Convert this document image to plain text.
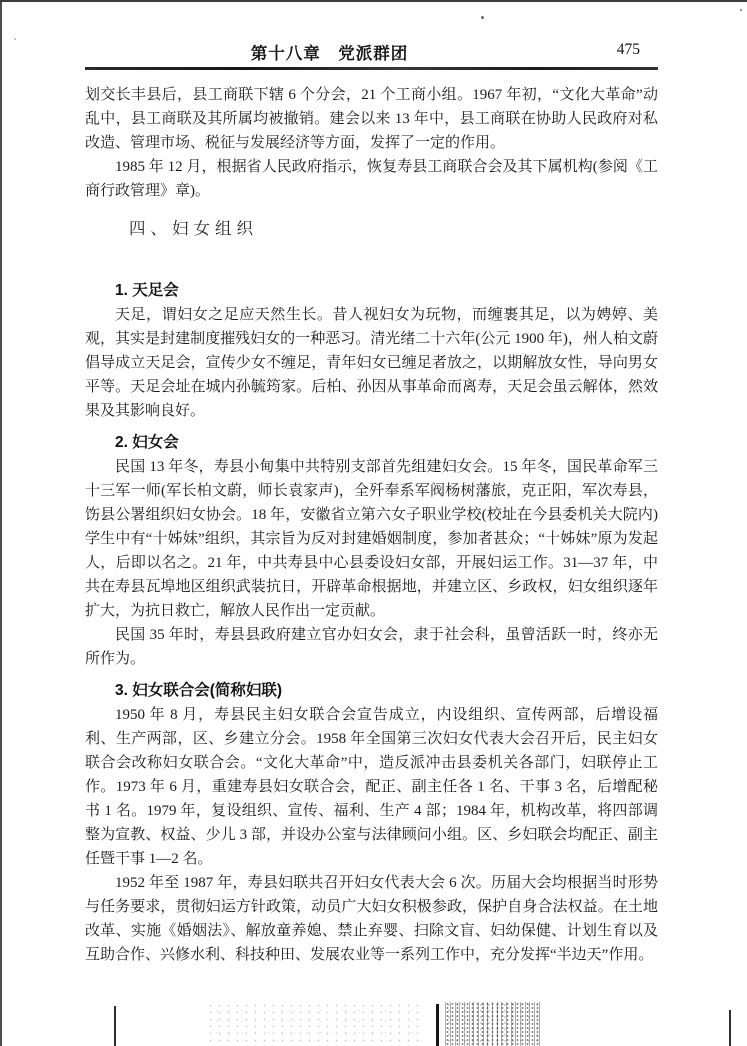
第十八章　党派群团	475

划交长丰县后，县工商联下辖 6 个分会，21 个工商小组。1967 年初，“文化大革命”动乱中，县工商联及其所属均被撤销。建会以来 13 年中，县工商联在协助人民政府对私改造、管理市场、税征与发展经济等方面，发挥了一定的作用。

1985 年 12 月，根据省人民政府指示，恢复寿县工商联合会及其下属机构(参阅《工商行政管理》章)。

四、妇女组织
1. 天足会

天足，谓妇女之足应天然生长。昔人视妇女为玩物，而缠裹其足，以为娉婷、美观，其实是封建制度摧残妇女的一种恶习。清光绪二十六年(公元 1900 年)，州人柏文蔚倡导成立天足会，宣传少女不缠足，青年妇女已缠足者放之，以期解放女性，导向男女平等。天足会址在城内孙毓筠家。后柏、孙因从事革命而离寿，天足会虽云解体，然效果及其影响良好。

2. 妇女会

民国 13 年冬，寿县小甸集中共特别支部首先组建妇女会。15 年冬，国民革命军三十三军一师(军长柏文蔚，师长袁家声)，全歼奉系军阀杨树藩旅，克正阳，军次寿县，饬县公署组织妇女协会。18 年，安徽省立第六女子职业学校(校址在今县委机关大院内)学生中有“十姊妹”组织，其宗旨为反对封建婚姻制度，参加者甚众；“十姊妹”原为发起人，后即以名之。21 年，中共寿县中心县委设妇女部，开展妇运工作。31—37 年，中共在寿县瓦埠地区组织武装抗日，开辟革命根据地，并建立区、乡政权，妇女组织逐年扩大，为抗日救亡，解放人民作出一定贡献。

民国 35 年时，寿县县政府建立官办妇女会，隶于社会科，虽曾活跃一时，终亦无所作为。

3. 妇女联合会(简称妇联)

1950 年 8 月，寿县民主妇女联合会宣告成立，内设组织、宣传两部，后增设福利、生产两部，区、乡建立分会。1958 年全国第三次妇女代表大会召开后，民主妇女联合会改称妇女联合会。“文化大革命”中，造反派冲击县委机关各部门，妇联停止工作。1973 年 6 月，重建寿县妇女联合会，配正、副主任各 1 名、干事 3 名，后增配秘书 1 名。1979 年，复设组织、宣传、福利、生产 4 部；1984 年，机构改革，将四部调整为宣教、权益、少儿 3 部，并设办公室与法律顾问小组。区、乡妇联会均配正、副主任暨干事 1—2 名。

1952 年至 1987 年，寿县妇联共召开妇女代表大会 6 次。历届大会均根据当时形势与任务要求，贯彻妇运方针政策，动员广大妇女积极参政，保护自身合法权益。在土地改革、实施《婚姻法》、解放童养媳、禁止弃婴、扫除文盲、妇幼保健、计划生育以及互助合作、兴修水利、科技种田、发展农业等一系列工作中，充分发挥“半边天”作用。
